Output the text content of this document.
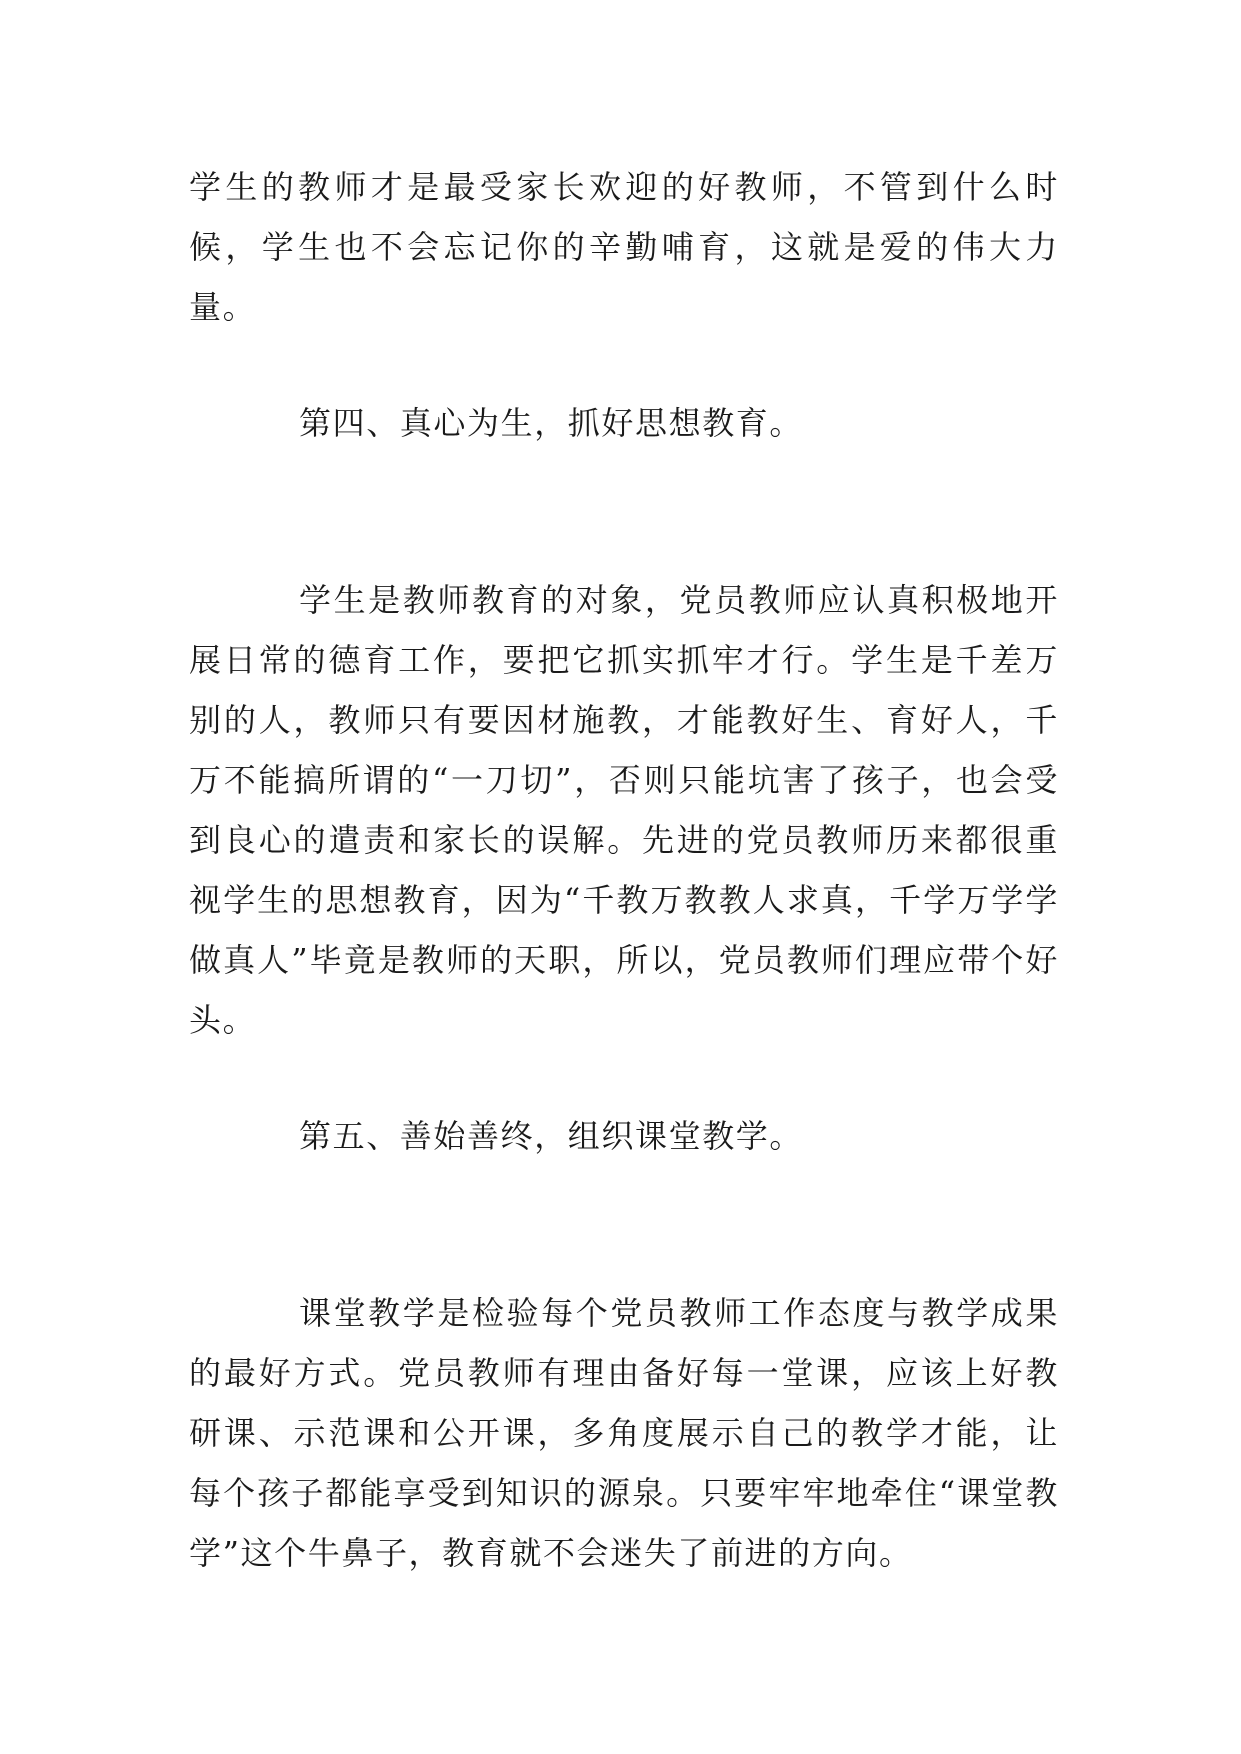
学生的教师才是最受家长欢迎的好教师，不管到什么时候，学生也不会忘记你的辛勤哺育，这就是爱的伟大力量。

第四、真心为生，抓好思想教育。

学生是教师教育的对象，党员教师应认真积极地开展日常的德育工作，要把它抓实抓牢才行。学生是千差万别的人，教师只有要因材施教，才能教好生、育好人，千万不能搞所谓的“一刀切”，否则只能坑害了孩子，也会受到良心的遣责和家长的误解。先进的党员教师历来都很重视学生的思想教育，因为“千教万教教人求真，千学万学学做真人”毕竟是教师的天职，所以，党员教师们理应带个好头。

第五、善始善终，组织课堂教学。

课堂教学是检验每个党员教师工作态度与教学成果的最好方式。党员教师有理由备好每一堂课，应该上好教研课、示范课和公开课，多角度展示自己的教学才能，让每个孩子都能享受到知识的源泉。只要牢牢地牵住“课堂教学”这个牛鼻子，教育就不会迷失了前进的方向。
